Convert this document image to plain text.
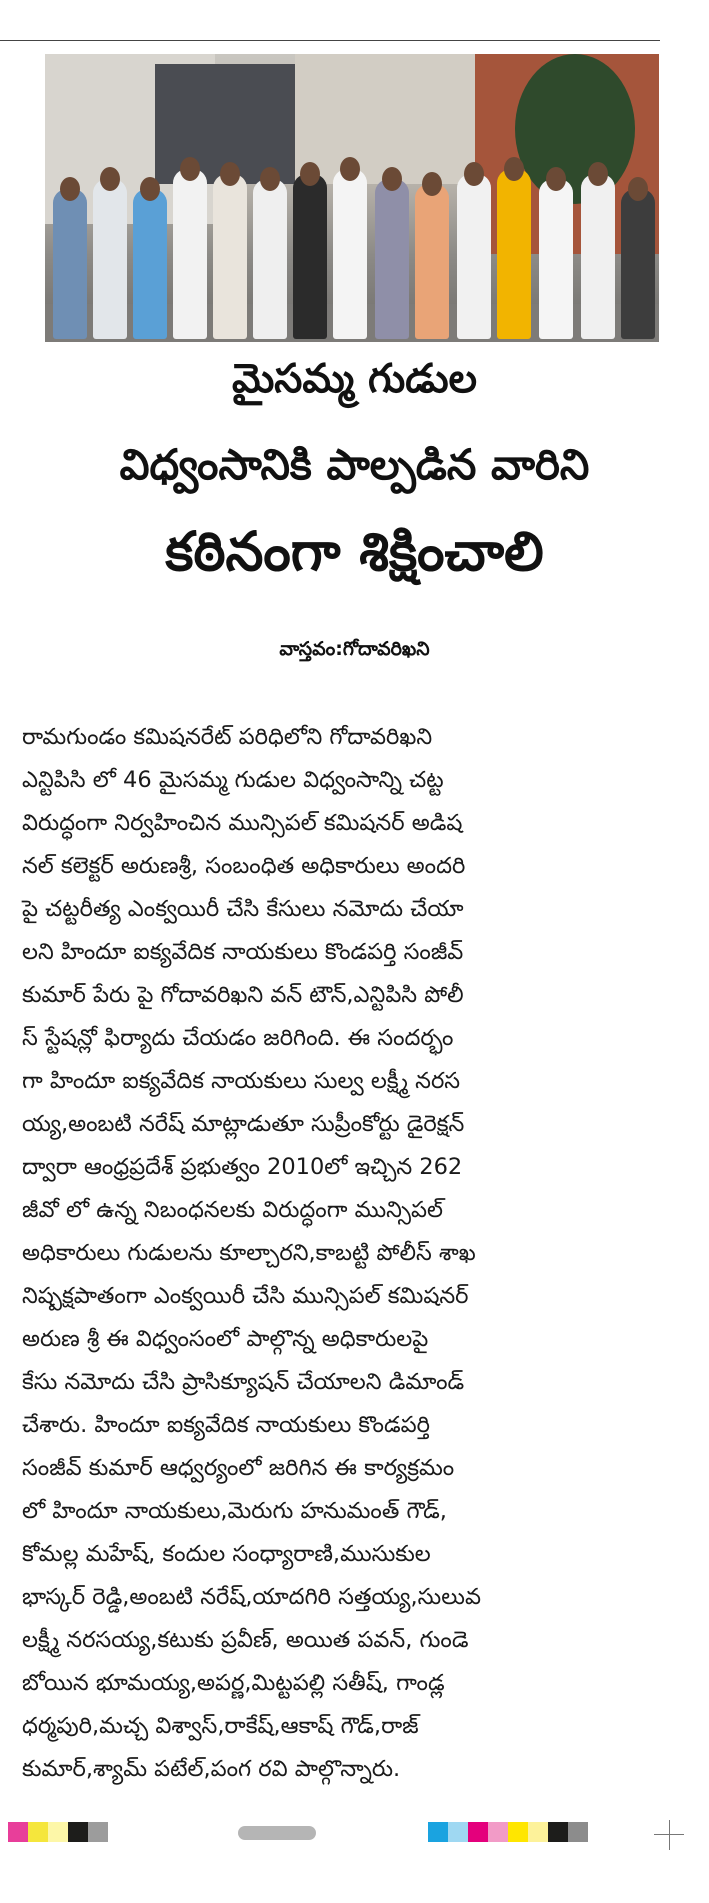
మైసమ్మ గుడుల
విధ్వంసానికి పాల్పడిన వారిని
కఠినంగా శిక్షించాలి
వాస్తవం:గోదావరిఖని
రామగుండం కమిషనరేట్ పరిధిలోని గోదావరిఖని
ఎన్టిపిసి లో 46 మైసమ్మ గుడుల విధ్వంసాన్ని చట్ట
విరుద్ధంగా నిర్వహించిన మున్సిపల్ కమిషనర్ అడిష
నల్ కలెక్టర్ అరుణశ్రీ, సంబంధిత అధికారులు అందరి
పై చట్టరీత్య ఎంక్వయిరీ చేసి కేసులు నమోదు చేయా
లని హిందూ ఐక్యవేదిక నాయకులు కొండపర్తి సంజీవ్
కుమార్ పేరు పై గోదావరిఖని వన్ టౌన్,ఎన్టిపిసి పోలీ
స్ స్టేషన్లో ఫిర్యాదు చేయడం జరిగింది. ఈ సందర్భం
గా హిందూ ఐక్యవేదిక నాయకులు సుల్వ లక్ష్మీ నరస
య్య,అంబటి నరేష్ మాట్లాడుతూ సుప్రీంకోర్టు డైరెక్షన్
ద్వారా ఆంధ్రప్రదేశ్ ప్రభుత్వం 2010లో ఇచ్చిన 262
జీవో లో ఉన్న నిబంధనలకు విరుద్ధంగా మున్సిపల్
అధికారులు గుడులను కూల్చారని,కాబట్టి పోలీస్ శాఖ
నిష్పక్షపాతంగా ఎంక్వయిరీ చేసి మున్సిపల్ కమిషనర్
అరుణ శ్రీ ఈ విధ్వంసంలో పాల్గొన్న అధికారులపై
కేసు నమోదు చేసి ప్రాసిక్యూషన్ చేయాలని డిమాండ్
చేశారు. హిందూ ఐక్యవేదిక నాయకులు కొండపర్తి
సంజీవ్ కుమార్ ఆధ్వర్యంలో జరిగిన ఈ కార్యక్రమం
లో హిందూ నాయకులు,మెరుగు హనుమంత్ గౌడ్,
కోమల్ల మహేష్, కందుల సంధ్యారాణి,ముసుకుల
భాస్కర్ రెడ్డి,అంబటి నరేష్,యాదగిరి సత్తయ్య,సులువ
లక్ష్మీ నరసయ్య,కటుకు ప్రవీణ్, అయిత పవన్, గుండె
బోయిన భూమయ్య,అపర్ణ,మిట్టపల్లి సతీష్, గాండ్ల
ధర్మపురి,మచ్చ విశ్వాస్,రాకేష్,ఆకాష్ గౌడ్,రాజ్
కుమార్,శ్యామ్ పటేల్,పంగ రవి పాల్గొన్నారు.
